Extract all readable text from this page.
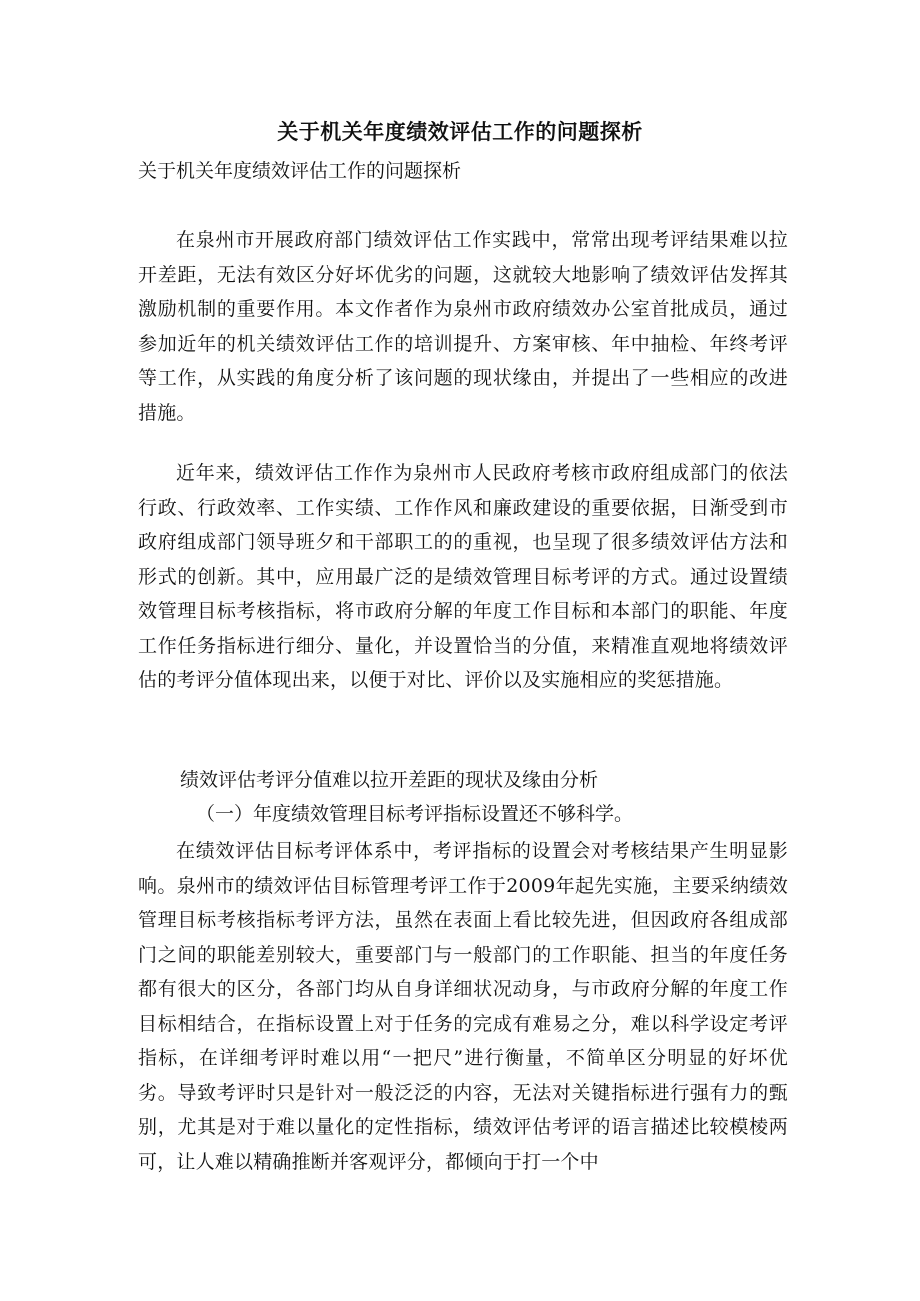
关于机关年度绩效评估工作的问题探析
关于机关年度绩效评估工作的问题探析
在泉州市开展政府部门绩效评估工作实践中，常常出现考评结果难以拉开差距，无法有效区分好坏优劣的问题，这就较大地影响了绩效评估发挥其激励机制的重要作用。本文作者作为泉州市政府绩效办公室首批成员，通过参加近年的机关绩效评估工作的培训提升、方案审核、年中抽检、年终考评等工作，从实践的角度分析了该问题的现状缘由，并提出了一些相应的改进措施。
近年来，绩效评估工作作为泉州市人民政府考核市政府组成部门的依法行政、行政效率、工作实绩、工作作风和廉政建设的重要依据，日渐受到市政府组成部门领导班夕和干部职工的的重视，也呈现了很多绩效评估方法和形式的创新。其中，应用最广泛的是绩效管理目标考评的方式。通过设置绩效管理目标考核指标，将市政府分解的年度工作目标和本部门的职能、年度工作任务指标进行细分、量化，并设置恰当的分值，来精准直观地将绩效评估的考评分值体现出来，以便于对比、评价以及实施相应的奖惩措施。
绩效评估考评分值难以拉开差距的现状及缘由分析
（一）年度绩效管理目标考评指标设置还不够科学。
在绩效评估目标考评体系中，考评指标的设置会对考核结果产生明显影响。泉州市的绩效评估目标管理考评工作于2009年起先实施，主要采纳绩效管理目标考核指标考评方法，虽然在表面上看比较先进，但因政府各组成部门之间的职能差别较大，重要部门与一般部门的工作职能、担当的年度任务都有很大的区分，各部门均从自身详细状况动身，与市政府分解的年度工作目标相结合，在指标设置上对于任务的完成有难易之分，难以科学设定考评指标，在详细考评时难以用“一把尺”进行衡量，不简单区分明显的好坏优劣。导致考评时只是针对一般泛泛的内容，无法对关键指标进行强有力的甄别，尤其是对于难以量化的定性指标，绩效评估考评的语言描述比较模棱两可，让人难以精确推断并客观评分，都倾向于打一个中
